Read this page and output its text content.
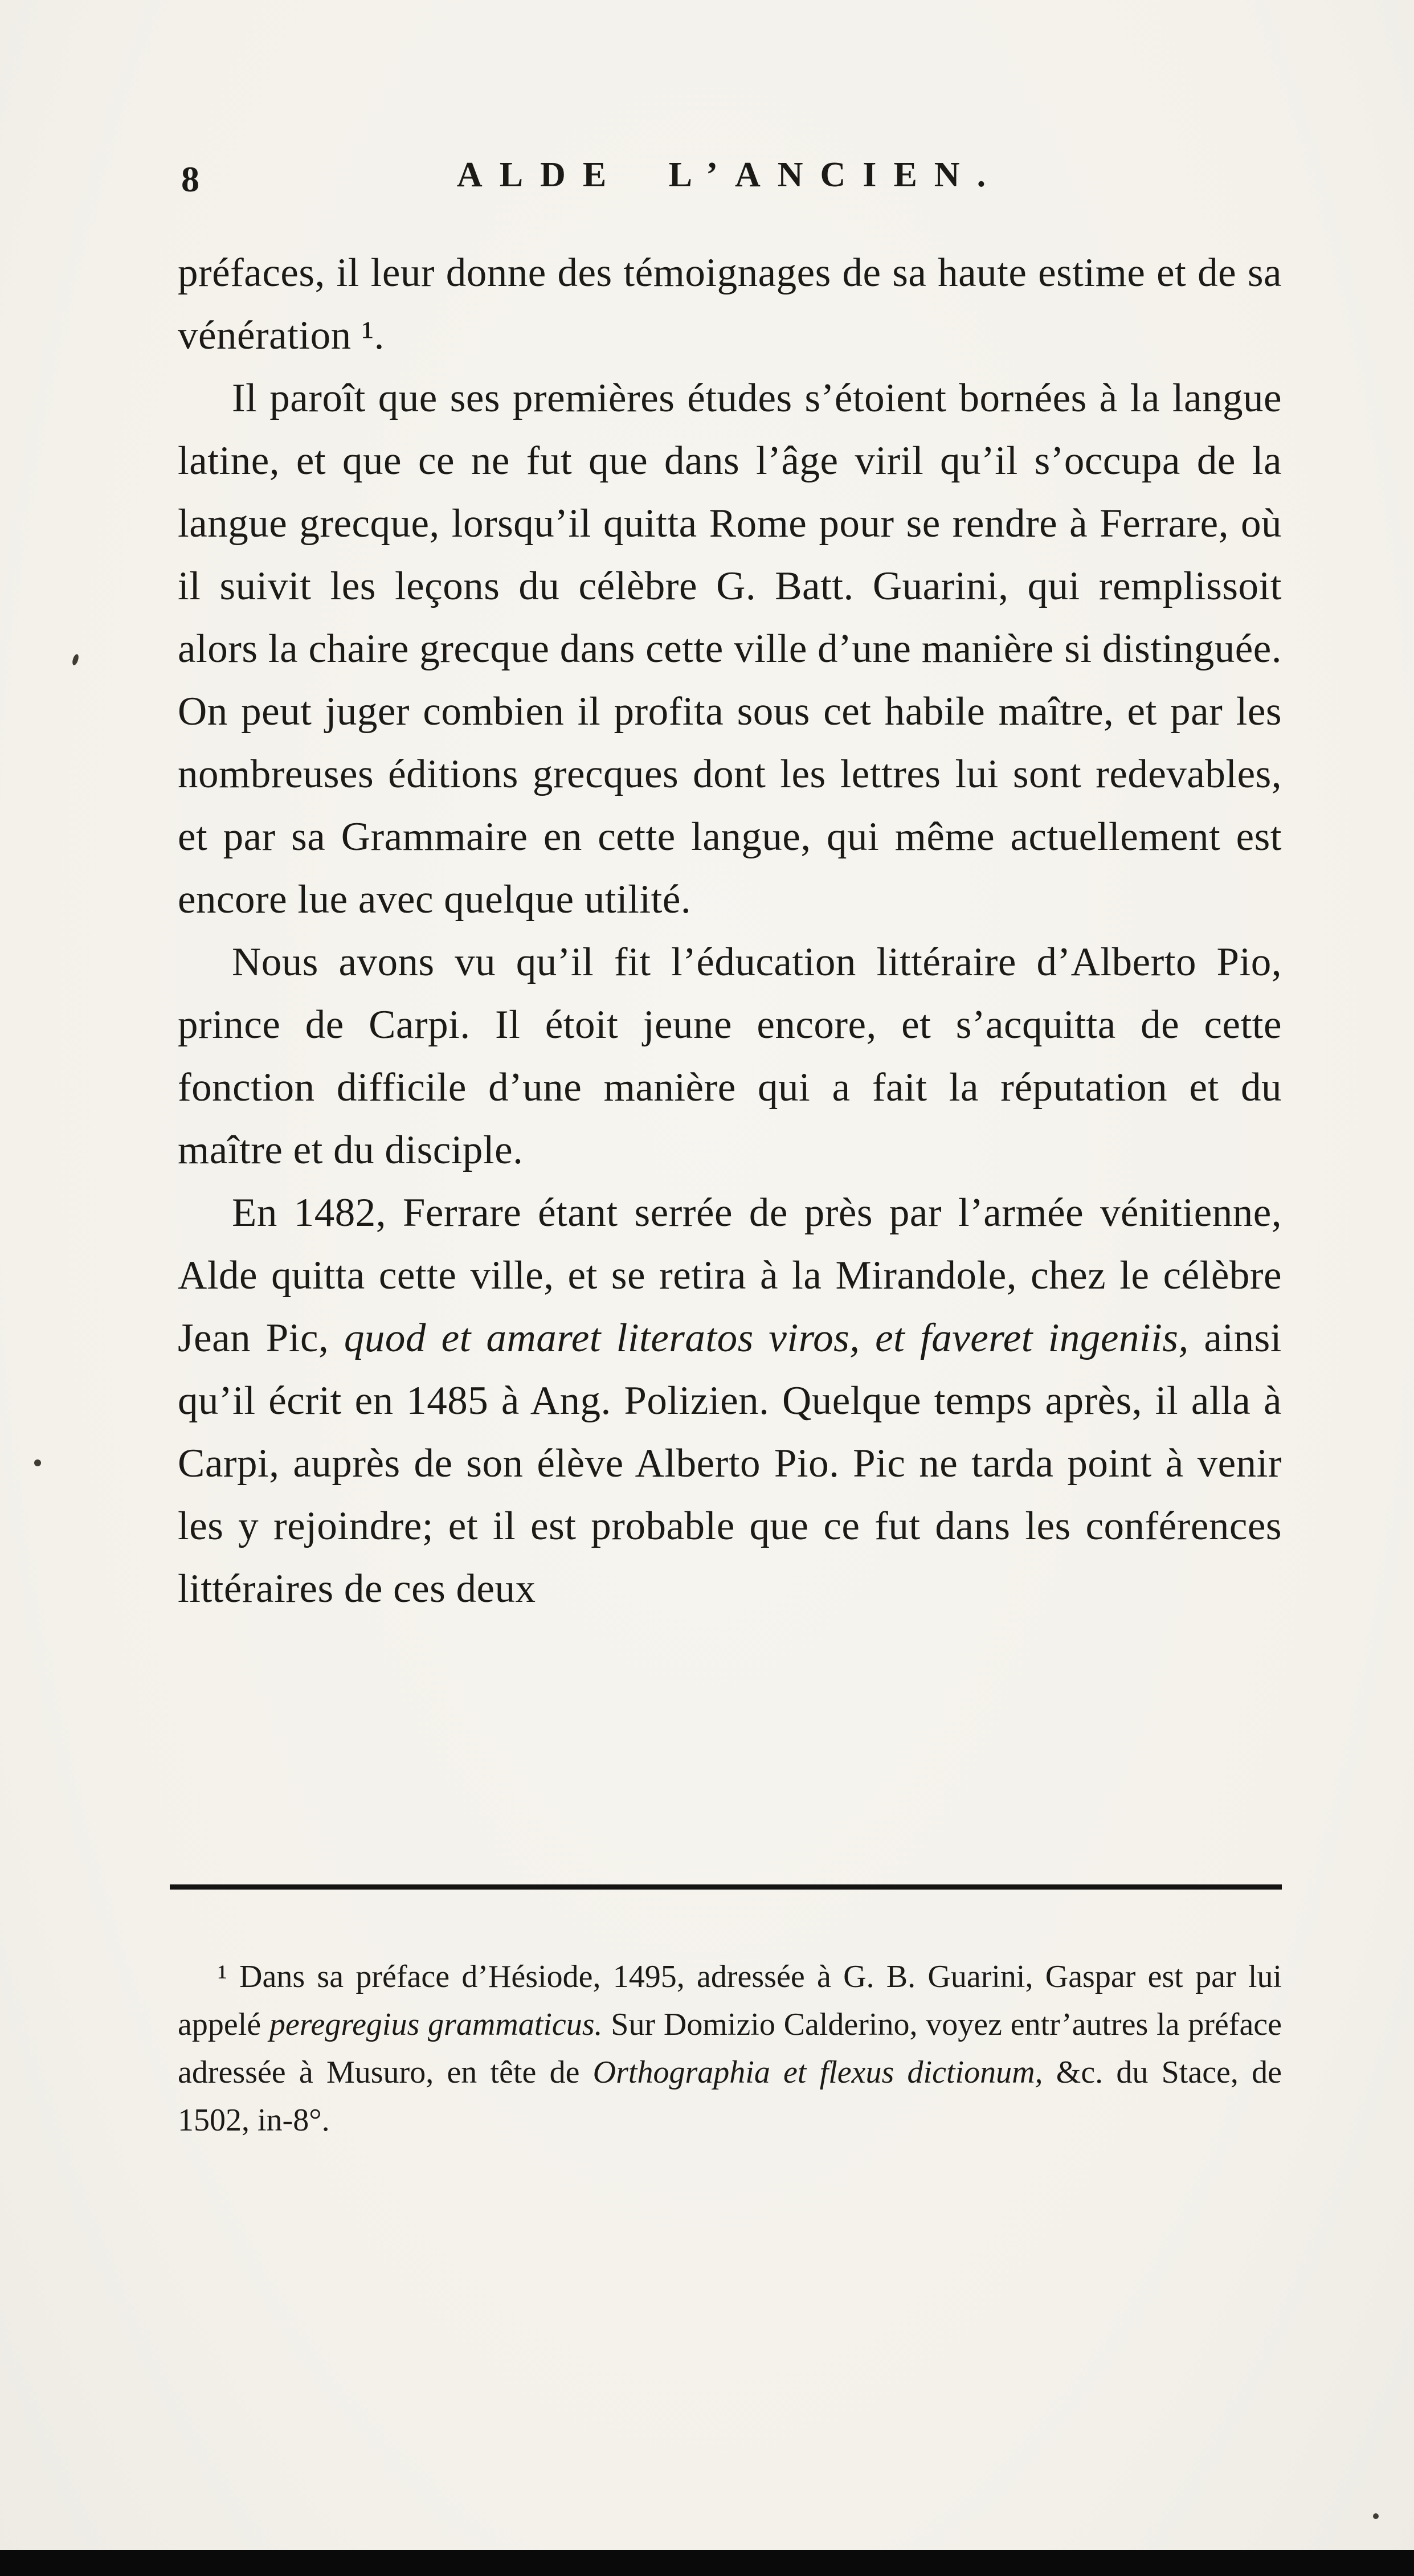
8	ALDE L’ANCIEN.

préfaces, il leur donne des témoignages de sa haute estime et de sa vénération ¹.

Il paroît que ses premières études s’étoient bornées à la langue latine, et que ce ne fut que dans l’âge viril qu’il s’occupa de la langue grecque, lorsqu’il quitta Rome pour se rendre à Ferrare, où il suivit les leçons du célèbre G. Batt. Guarini, qui remplissoit alors la chaire grecque dans cette ville d’une manière si distinguée. On peut juger combien il profita sous cet habile maître, et par les nombreuses éditions grecques dont les lettres lui sont redevables, et par sa Grammaire en cette langue, qui même actuellement est encore lue avec quelque utilité.

Nous avons vu qu’il fit l’éducation littéraire d’Alberto Pio, prince de Carpi. Il étoit jeune encore, et s’acquitta de cette fonction difficile d’une manière qui a fait la réputation et du maître et du disciple.

En 1482, Ferrare étant serrée de près par l’armée vénitienne, Alde quitta cette ville, et se retira à la Mirandole, chez le célèbre Jean Pic, quod et amaret literatos viros, et faveret ingeniis, ainsi qu’il écrit en 1485 à Ang. Polizien. Quelque temps après, il alla à Carpi, auprès de son élève Alberto Pio. Pic ne tarda point à venir les y rejoindre; et il est probable que ce fut dans les conférences littéraires de ces deux

¹ Dans sa préface d’Hésiode, 1495, adressée à G. B. Guarini, Gaspar est par lui appelé peregregius grammaticus. Sur Domizio Calderino, voyez entr’autres la préface adressée à Musuro, en tête de Orthographia et flexus dictionum, &c. du Stace, de 1502, in-8°.
